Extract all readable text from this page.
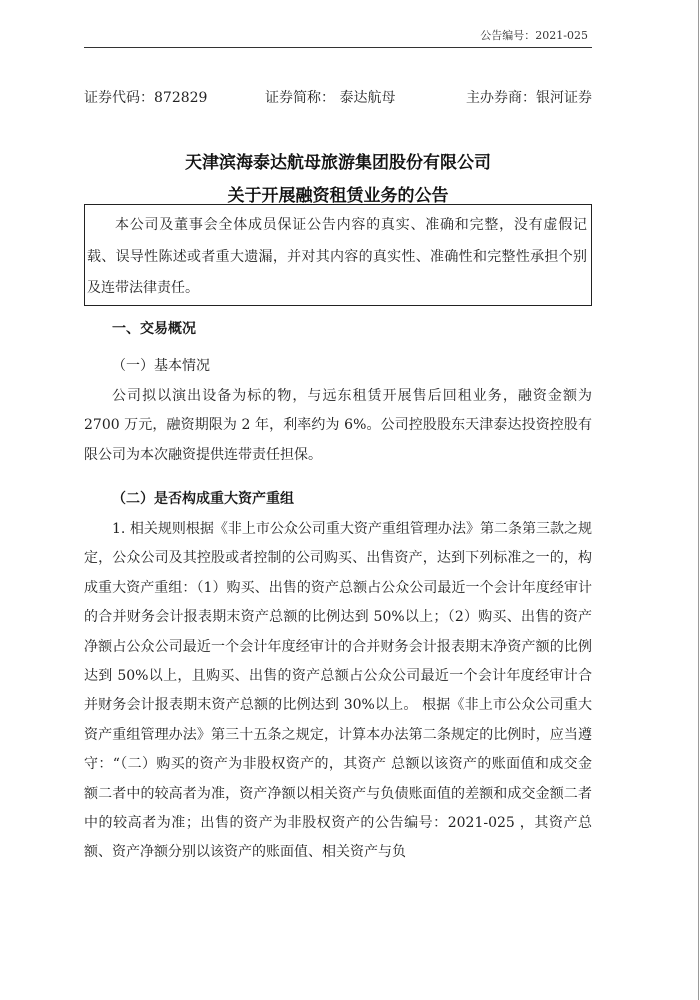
公告编号：2021-025
证券代码：872829	证券简称： 泰达航母	主办券商：银河证券
天津滨海泰达航母旅游集团股份有限公司
关于开展融资租赁业务的公告

本公司及董事会全体成员保证公告内容的真实、准确和完整，没有虚假记载、误导性陈述或者重大遗漏，并对其内容的真实性、准确性和完整性承担个别及连带法律责任。

一、交易概况
（一）基本情况

公司拟以演出设备为标的物，与远东租赁开展售后回租业务，融资金额为 2700 万元，融资期限为 2 年，利率约为 6%。公司控股股东天津泰达投资控股有限公司为本次融资提供连带责任担保。

（二）是否构成重大资产重组

1. 相关规则根据《非上市公众公司重大资产重组管理办法》第二条第三款之规定，公众公司及其控股或者控制的公司购买、出售资产，达到下列标准之一的，构成重大资产重组：（1）购买、出售的资产总额占公众公司最近一个会计年度经审计的合并财务会计报表期末资产总额的比例达到 50%以上；（2）购买、出售的资产净额占公众公司最近一个会计年度经审计的合并财务会计报表期末净资产额的比例达到 50%以上，且购买、出售的资产总额占公众公司最近一个会计年度经审计合并财务会计报表期末资产总额的比例达到 30%以上。 根据《非上市公众公司重大资产重组管理办法》第三十五条之规定，计算本办法第二条规定的比例时，应当遵守：“（二）购买的资产为非股权资产的，其资产 总额以该资产的账面值和成交金额二者中的较高者为准，资产净额以相关资产与负债账面值的差额和成交金额二者中的较高者为准；出售的资产为非股权资产的公告编号：2021-025 ，其资产总额、资产净额分别以该资产的账面值、相关资产与负
